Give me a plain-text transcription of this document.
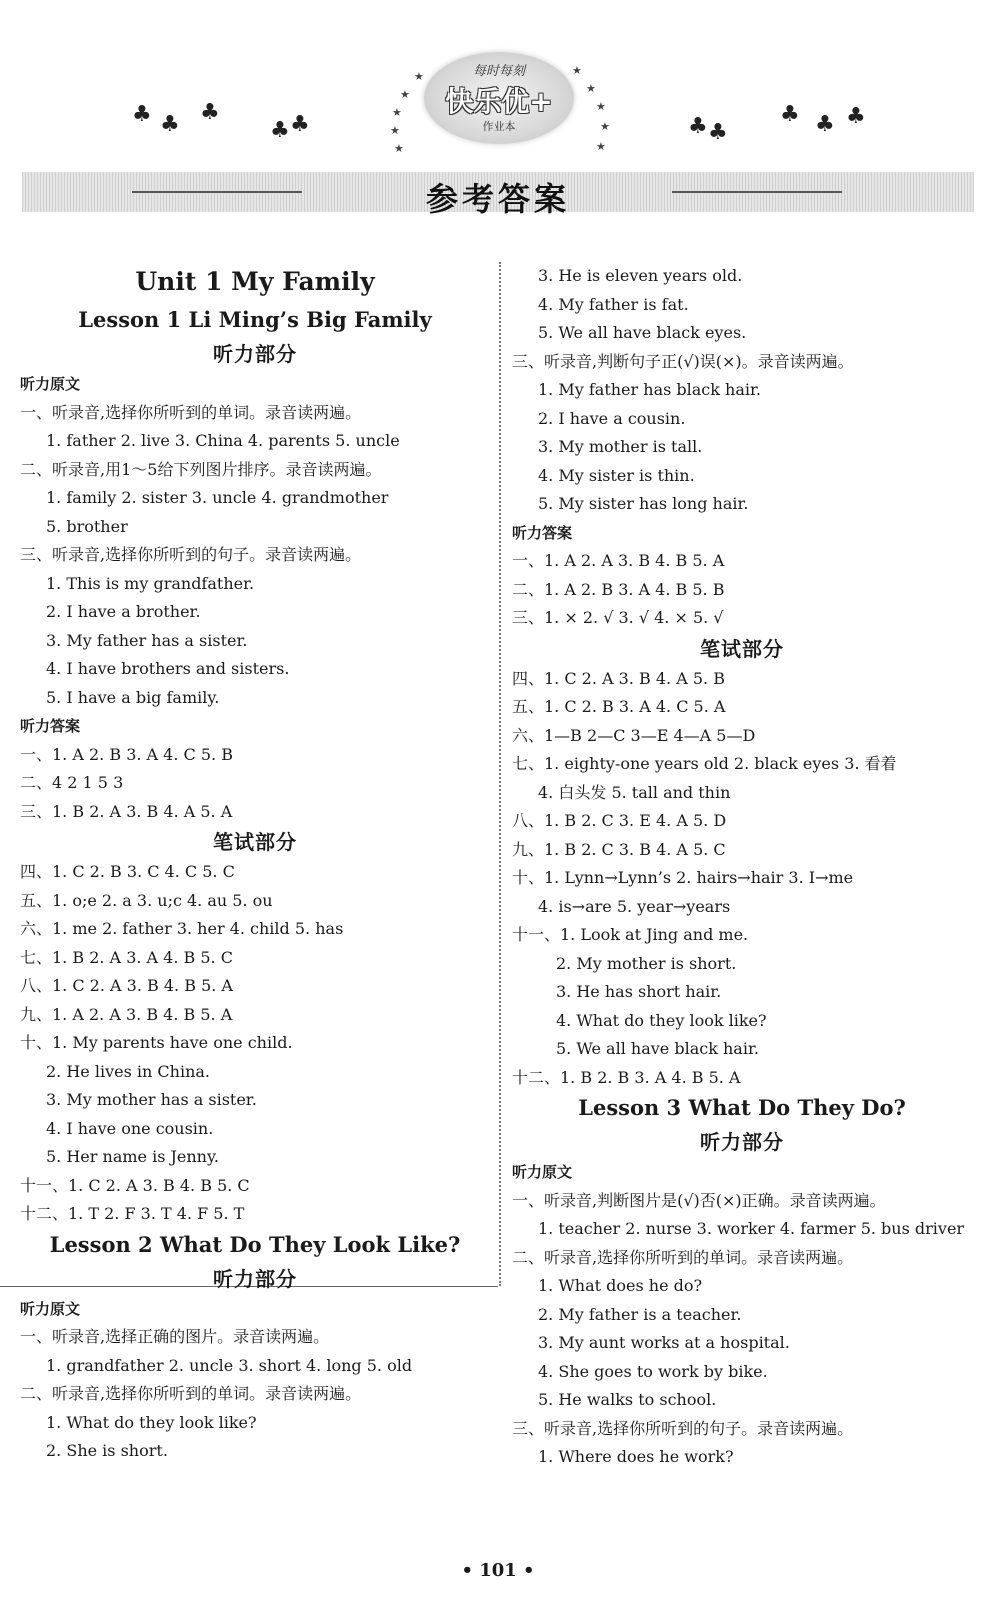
♣ ♣ ♣
♣ ♣	♣ ♣
♣ ♣ ♣
★
★
★
★
★
★
★
★
★
★
每时每刻
快乐优+
作业本
参考答案
Unit 1 My Family
Lesson 1 Li Ming’s Big Family
听力部分
听力原文
一、听录音,选择你所听到的单词。录音读两遍。
1. father 2. live 3. China 4. parents 5. uncle
二、听录音,用1～5给下列图片排序。录音读两遍。
1. family 2. sister 3. uncle 4. grandmother
5. brother
三、听录音,选择你所听到的句子。录音读两遍。
1. This is my grandfather.
2. I have a brother.
3. My father has a sister.
4. I have brothers and sisters.
5. I have a big family.
听力答案
一、1. A 2. B 3. A 4. C 5. B
二、4 2 1 5 3
三、1. B 2. A 3. B 4. A 5. A
笔试部分
四、1. C 2. B 3. C 4. C 5. C
五、1. o;e 2. a 3. u;c 4. au 5. ou
六、1. me 2. father 3. her 4. child 5. has
七、1. B 2. A 3. A 4. B 5. C
八、1. C 2. A 3. B 4. B 5. A
九、1. A 2. A 3. B 4. B 5. A
十、1. My parents have one child.
2. He lives in China.
3. My mother has a sister.
4. I have one cousin.
5. Her name is Jenny.
十一、1. C 2. A 3. B 4. B 5. C
十二、1. T 2. F 3. T 4. F 5. T
Lesson 2 What Do They Look Like?
听力部分
听力原文
一、听录音,选择正确的图片。录音读两遍。
1. grandfather 2. uncle 3. short 4. long 5. old
二、听录音,选择你所听到的单词。录音读两遍。
1. What do they look like?
2. She is short.
3. He is eleven years old.
4. My father is fat.
5. We all have black eyes.
三、听录音,判断句子正(√)误(×)。录音读两遍。
1. My father has black hair.
2. I have a cousin.
3. My mother is tall.
4. My sister is thin.
5. My sister has long hair.
听力答案
一、1. A 2. A 3. B 4. B 5. A
二、1. A 2. B 3. A 4. B 5. B
三、1. × 2. √ 3. √ 4. × 5. √
笔试部分
四、1. C 2. A 3. B 4. A 5. B
五、1. C 2. B 3. A 4. C 5. A
六、1—B 2—C 3—E 4—A 5—D
七、1. eighty-one years old 2. black eyes 3. 看着
4. 白头发 5. tall and thin
八、1. B 2. C 3. E 4. A 5. D
九、1. B 2. C 3. B 4. A 5. C
十、1. Lynn→Lynn’s 2. hairs→hair 3. I→me
4. is→are 5. year→years
十一、1. Look at Jing and me.
2. My mother is short.
3. He has short hair.
4. What do they look like?
5. We all have black hair.
十二、1. B 2. B 3. A 4. B 5. A
Lesson 3 What Do They Do?
听力部分
听力原文
一、听录音,判断图片是(√)否(×)正确。录音读两遍。
1. teacher 2. nurse 3. worker 4. farmer 5. bus driver
二、听录音,选择你所听到的单词。录音读两遍。
1. What does he do?
2. My father is a teacher.
3. My aunt works at a hospital.
4. She goes to work by bike.
5. He walks to school.
三、听录音,选择你所听到的句子。录音读两遍。
1. Where does he work?
• 101 •
